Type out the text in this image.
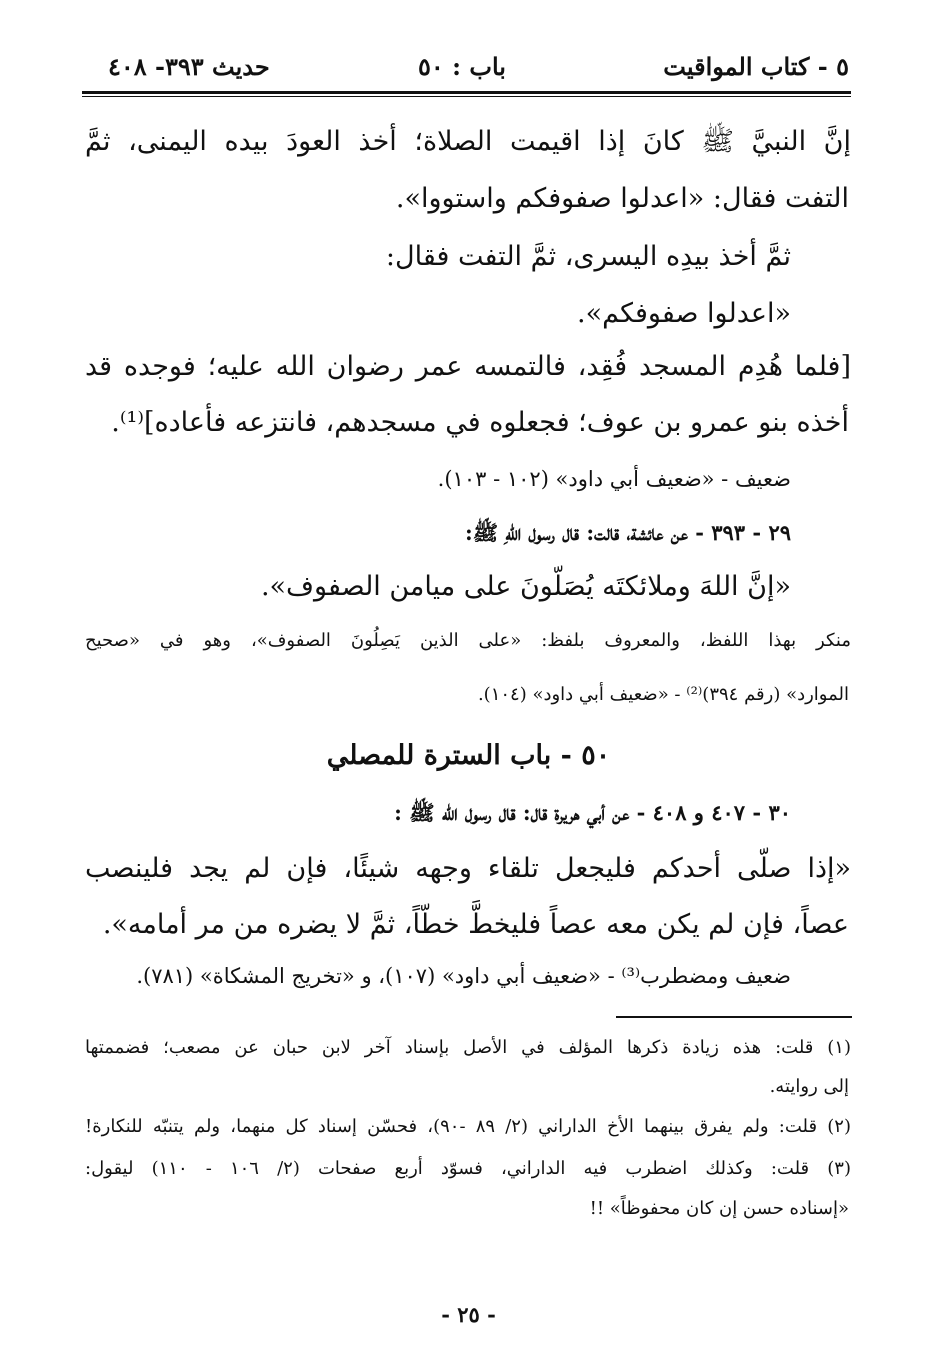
٥ - كتاب المواقيت
باب : ٥٠
حديث ٣٩٣- ٤٠٨
إنَّ النبيَّ ﷺ كانَ إذا اقيمت الصلاة؛ أخذ العودَ بيده اليمنى، ثمَّ
التفت فقال: «اعدلوا صفوفكم واستووا».
ثمَّ أخذ بيدِه اليسرى، ثمَّ التفت فقال:
«اعدلوا صفوفكم».
[فلما هُدِم المسجد فُقِد، فالتمسه عمر رضوان الله عليه؛ فوجده قد
أخذه بنو عمرو بن عوف؛ فجعلوه في مسجدهم، فانتزعه فأعاده]⁽¹⁾.
ضعيف - «ضعيف أبي داود» (١٠٢ - ١٠٣).
٢٩ - ٣٩٣ - عن عائشة، قالت: قال رسول اللهِ ﷺ:
«إنَّ اللهَ وملائكتَه يُصَلّونَ على ميامن الصفوف».
منكر بهذا اللفظ، والمعروف بلفظ: «على الذين يَصِلُونَ الصفوف»، وهو في «صحيح
الموارد» (رقم ٣٩٤)⁽²⁾ - «ضعيف أبي داود» (١٠٤).
٥٠ - باب السترة للمصلي
٣٠ - ٤٠٧ و ٤٠٨ - عن أبي هريرة قال: قال رسول الله ﷺ :
«إذا صلّى أحدكم فليجعل تلقاء وجهه شيئًا، فإن لم يجد فلينصب
عصاً، فإن لم يكن معه عصاً فليخطَّ خطّاً، ثمَّ لا يضره من مر أمامه».
ضعيف ومضطرب⁽³⁾ - «ضعيف أبي داود» (١٠٧)، و «تخريج المشكاة» (٧٨١).
(١) قلت: هذه زيادة ذكرها المؤلف في الأصل بإسناد آخر لابن حبان عن مصعب؛ فضممتها
إلى روايته.
(٢) قلت: ولم يفرق بينهما الأخ الداراني (٢/ ٨٩ -٩٠)، فحسّن إسناد كل منهما، ولم يتنبّه للنكارة!
(٣) قلت: وكذلك اضطرب فيه الداراني، فسوّد أربع صفحات (٢/ ١٠٦ - ١١٠) ليقول:
«إسناده حسن إن كان محفوظاً» !!
- ٢٥ -
